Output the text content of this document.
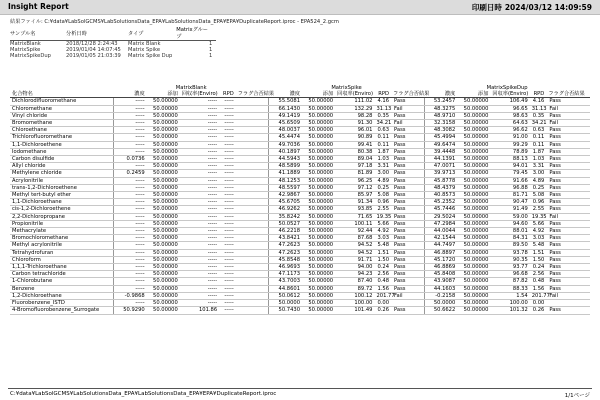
Insight Report	印刷日時 2024/03/12 14:09:59
結果ファイル: C:¥data¥LabSolGCMS¥LabSolutionsData_EPA¥LabSolutionsData_EPA¥EPA¥DuplicateReport.iproc - EPA524_2.gcm
サンプル名	分析日時	タイプ	Matrixグループ
MatrixBlank	2018/12/28 2:24:43	Matrix Blank	1
MatrixSpike	2019/01/04 14:07:45	Matrix Spike	1
MatrixSpikeDup	2019/01/05 21:03:39	Matrix Spike Dup	1
	MatrixBlank					MatrixSpike					MatrixSpikeDup				
化合物名	濃度	添加	回収率(Enviro)	RPD	フラグ合否結果	濃度	添加	回収率(Enviro)	RPD	フラグ合否結果	濃度	添加	回収率(Enviro)	RPD	フラグ合否結果
Dichlorodifluoromethane	-----	50.00000	-----	-----		55.5081	50.00000	111.02	4.16	Pass	53.2457	50.00000	106.49	4.16	Pass
Chloromethane	-----	50.00000	-----	-----		66.1430	50.00000	132.29	31.13	Fail	48.3275	50.00000	96.65	31.13	Fail
Vinyl chloride	-----	50.00000	-----	-----		49.1419	50.00000	98.28	0.35	Pass	48.9710	50.00000	98.63	0.35	Pass
Bromomethane	-----	50.00000	-----	-----		45.6509	50.00000	91.30	34.21	Fail	32.3158	50.00000	64.63	34.21	Fail
Chloroethane	-----	50.00000	-----	-----		48.0037	50.00000	96.01	0.63	Pass	48.3082	50.00000	96.62	0.63	Pass
Trichlorofluoromethane	-----	50.00000	-----	-----		45.4474	50.00000	90.89	0.11	Pass	45.4994	50.00000	91.00	0.11	Pass
1,1-Dichloroethene	-----	50.00000	-----	-----		49.7036	50.00000	99.41	0.11	Pass	49.6474	50.00000	99.29	0.11	Pass
Iodomethane	-----	50.00000	-----	-----		40.1897	50.00000	80.38	1.87	Pass	39.4448	50.00000	78.89	1.87	Pass
Carbon disulfide	0.0736	50.00000	-----	-----		44.5943	50.00000	89.04	1.03	Pass	44.1391	50.00000	88.13	1.03	Pass
Allyl chloride	-----	50.00000	-----	-----		48.5899	50.00000	97.18	3.31	Pass	47.0071	50.00000	94.01	3.31	Pass
Methylene chloride	0.2459	50.00000	-----	-----		41.1889	50.00000	81.89	3.00	Pass	39.9713	50.00000	79.45	3.00	Pass
Acrylonitrile	-----	50.00000	-----	-----		48.1253	50.00000	96.25	4.89	Pass	45.8778	50.00000	91.66	4.89	Pass
trans-1,2-Dichloroethene	-----	50.00000	-----	-----		48.5597	50.00000	97.12	0.25	Pass	48.4379	50.00000	96.88	0.25	Pass
Methyl tert-butyl ether	-----	50.00000	-----	-----		42.9867	50.00000	85.97	5.08	Pass	40.8573	50.00000	81.71	5.08	Pass
1,1-Dichloroethane	-----	50.00000	-----	-----		45.6705	50.00000	91.34	0.96	Pass	45.2352	50.00000	90.47	0.96	Pass
cis-1,2-Dichloroethene	-----	50.00000	-----	-----		46.9262	50.00000	93.85	2.55	Pass	45.7446	50.00000	91.49	2.55	Pass
2,2-Dichloropropane	-----	50.00000	-----	-----		35.8242	50.00000	71.65	19.35	Pass	29.5024	50.00000	59.00	19.35	Fail
Propionitrile	-----	50.00000	-----	-----		50.0527	50.00000	100.11	5.66	Pass	47.2984	50.00000	94.60	5.66	Pass
Methacrylate	-----	50.00000	-----	-----		46.2218	50.00000	92.44	4.92	Pass	44.0044	50.00000	88.01	4.92	Pass
Bromochloromethane	-----	50.00000	-----	-----		43.8421	50.00000	87.68	3.03	Pass	42.1544	50.00000	84.31	3.03	Pass
Methyl acrylonitrile	-----	50.00000	-----	-----		47.2623	50.00000	94.52	5.48	Pass	44.7497	50.00000	89.50	5.48	Pass
Tetrahydrofuran	-----	50.00000	-----	-----		47.2623	50.00000	94.52	1.51	Pass	46.8897	50.00000	93.78	1.51	Pass
Chloroform	-----	50.00000	-----	-----		45.8548	50.00000	91.71	1.50	Pass	45.1720	50.00000	90.35	1.50	Pass
1,1,1-Trichloroethane	-----	50.00000	-----	-----		46.9693	50.00000	94.00	0.24	Pass	46.8869	50.00000	93.77	0.24	Pass
Carbon tetrachloride	-----	50.00000	-----	-----		47.1173	50.00000	94.23	2.56	Pass	45.8408	50.00000	96.68	2.56	Pass
1-Chlorobutane	-----	50.00000	-----	-----		43.7003	50.00000	87.40	0.48	Pass	43.9087	50.00000	87.82	0.48	Pass
Benzene	-----	50.00000	-----	-----		44.8601	50.00000	89.72	1.56	Pass	44.1603	50.00000	88.33	1.56	Pass
1,2-Dichloroethane	-0.9868	50.00000	-----	-----		50.0612	50.00000	100.12	201.77	Fail	-0.2158	50.00000	1.54	201.77	Fail
Fluorobenzene_ISTD	-----	50.00000	-----	-----		50.0000	50.00000	100.00	0.00		50.0000	50.00000	100.00	0.00	
4-Bromofluorobenzene_Surrogate	50.9290	50.00000	101.86	-----		50.7430	50.00000	101.49	0.26	Pass	50.6622	50.00000	101.32	0.26	Pass
C:¥data¥LabSolGCMS¥LabSolutionsData_EPA¥LabSolutionsData_EPA¥EPA¥DuplicateReport.iproc	1/1ページ
